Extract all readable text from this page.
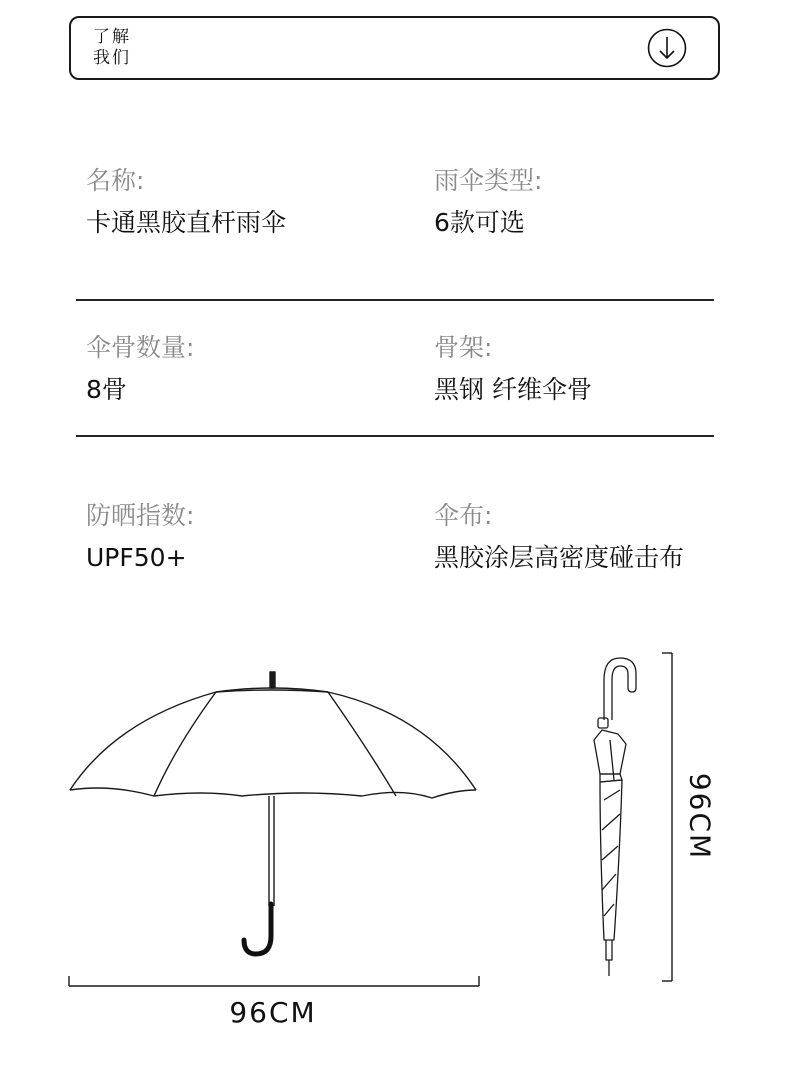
了解
我们
名称:
卡通黑胶直杆雨伞
雨伞类型:
6款可选
伞骨数量:
8骨
骨架:
黑钢 纤维伞骨
防晒指数:
UPF50+
伞布:
黑胶涂层高密度碰击布
96CM
96CM
